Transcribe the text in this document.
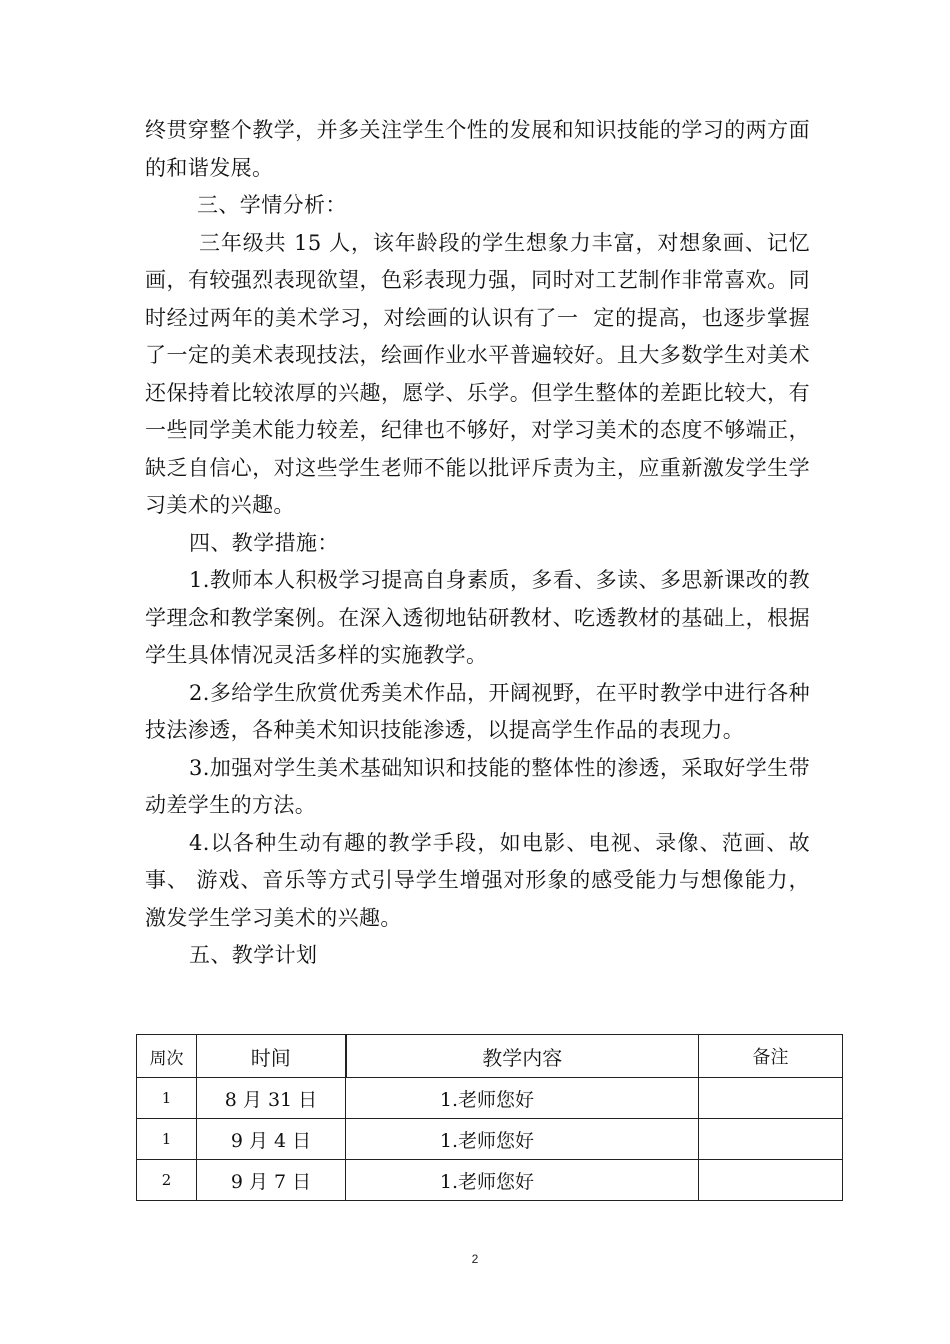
终贯穿整个教学，并多关注学生个性的发展和知识技能的学习的两方面的和谐发展。

三、学情分析：

三年级共 15 人，该年龄段的学生想象力丰富，对想象画、记忆画，有较强烈表现欲望，色彩表现力强，同时对工艺制作非常喜欢。同时经过两年的美术学习，对绘画的认识有了一  定的提高，也逐步掌握了一定的美术表现技法，绘画作业水平普遍较好。且大多数学生对美术还保持着比较浓厚的兴趣，愿学、乐学。但学生整体的差距比较大，有一些同学美术能力较差，纪律也不够好，对学习美术的态度不够端正，缺乏自信心，对这些学生老师不能以批评斥责为主，应重新激发学生学习美术的兴趣。

四、教学措施：

1.教师本人积极学习提高自身素质，多看、多读、多思新课改的教学理念和教学案例。在深入透彻地钻研教材、吃透教材的基础上，根据学生具体情况灵活多样的实施教学。

2.多给学生欣赏优秀美术作品，开阔视野，在平时教学中进行各种  技法渗透，各种美术知识技能渗透，以提高学生作品的表现力。

3.加强对学生美术基础知识和技能的整体性的渗透，采取好学生带动差学生的方法。

4.以各种生动有趣的教学手段，如电影、电视、录像、范画、故事、 游戏、音乐等方式引导学生增强对形象的感受能力与想像能力，激发学生学习美术的兴趣。

五、教学计划

周次	时间	教学内容	备注
1	8 月 31 日	1.老师您好	
1	9 月 4 日	1.老师您好	
2	9 月 7 日	1.老师您好	
2
